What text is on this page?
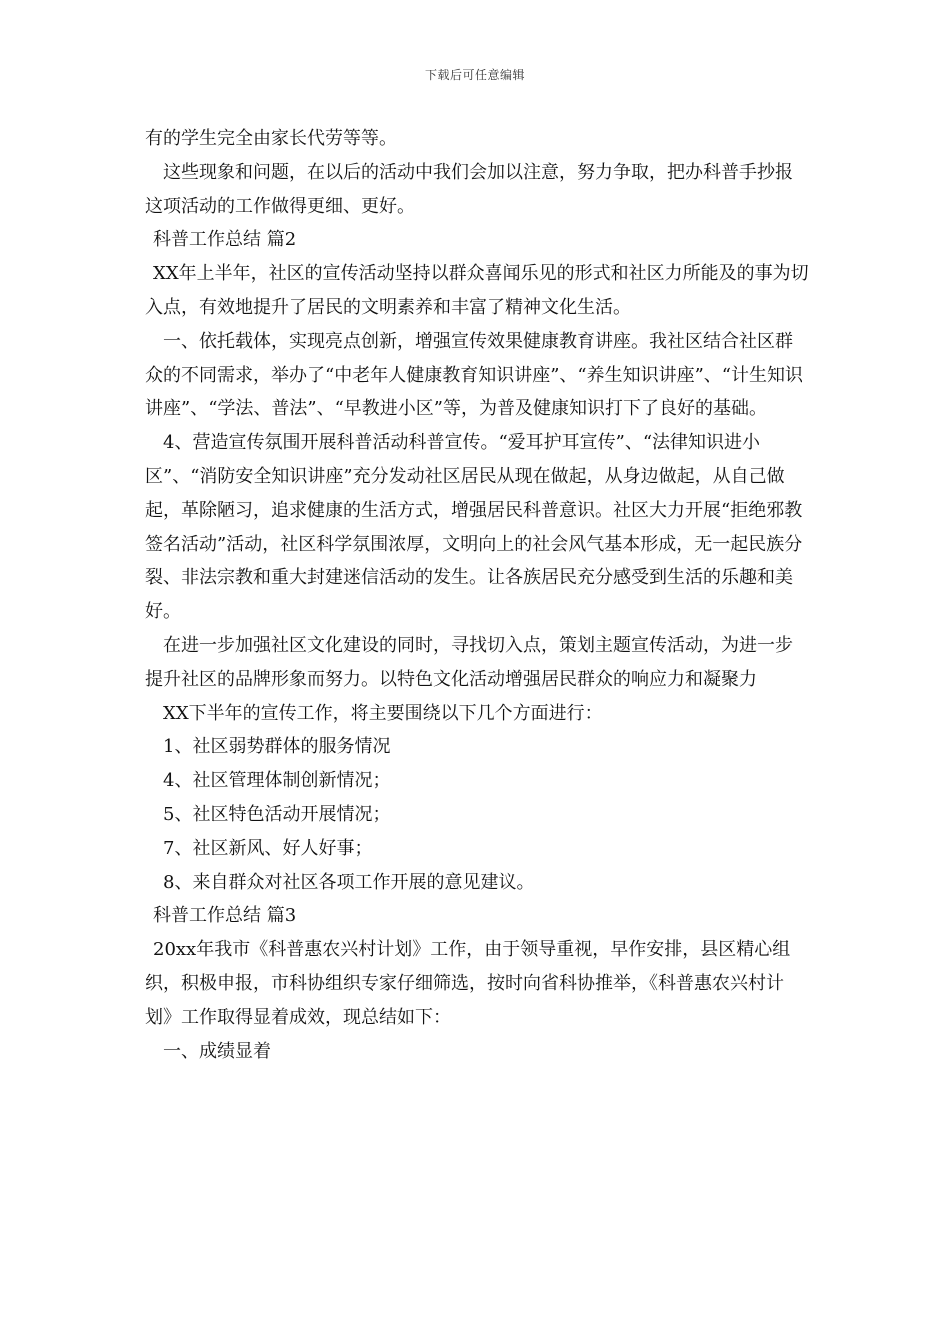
下载后可任意编辑

有的学生完全由家长代劳等等。

这些现象和问题，在以后的活动中我们会加以注意，努力争取，把办科普手抄报这项活动的工作做得更细、更好。

科普工作总结 篇2

XX年上半年，社区的宣传活动坚持以群众喜闻乐见的形式和社区力所能及的事为切入点，有效地提升了居民的文明素养和丰富了精神文化生活。

一、依托载体，实现亮点创新，增强宣传效果健康教育讲座。我社区结合社区群众的不同需求，举办了“中老年人健康教育知识讲座”、“养生知识讲座”、“计生知识讲座”、“学法、普法”、“早教进小区”等，为普及健康知识打下了良好的基础。

4、营造宣传氛围开展科普活动科普宣传。“爱耳护耳宣传”、“法律知识进小区”、“消防安全知识讲座”充分发动社区居民从现在做起，从身边做起，从自己做起，革除陋习，追求健康的生活方式，增强居民科普意识。社区大力开展“拒绝邪教签名活动”活动，社区科学氛围浓厚，文明向上的社会风气基本形成，无一起民族分裂、非法宗教和重大封建迷信活动的发生。让各族居民充分感受到生活的乐趣和美好。

在进一步加强社区文化建设的同时，寻找切入点，策划主题宣传活动，为进一步提升社区的品牌形象而努力。以特色文化活动增强居民群众的响应力和凝聚力

XX下半年的宣传工作，将主要围绕以下几个方面进行：

1、社区弱势群体的服务情况

4、社区管理体制创新情况；

5、社区特色活动开展情况；

7、社区新风、好人好事；

8、来自群众对社区各项工作开展的意见建议。

科普工作总结 篇3

20xx年我市《科普惠农兴村计划》工作，由于领导重视，早作安排，县区精心组织，积极申报，市科协组织专家仔细筛选，按时向省科协推举，《科普惠农兴村计划》工作取得显着成效，现总结如下：

一、成绩显着
